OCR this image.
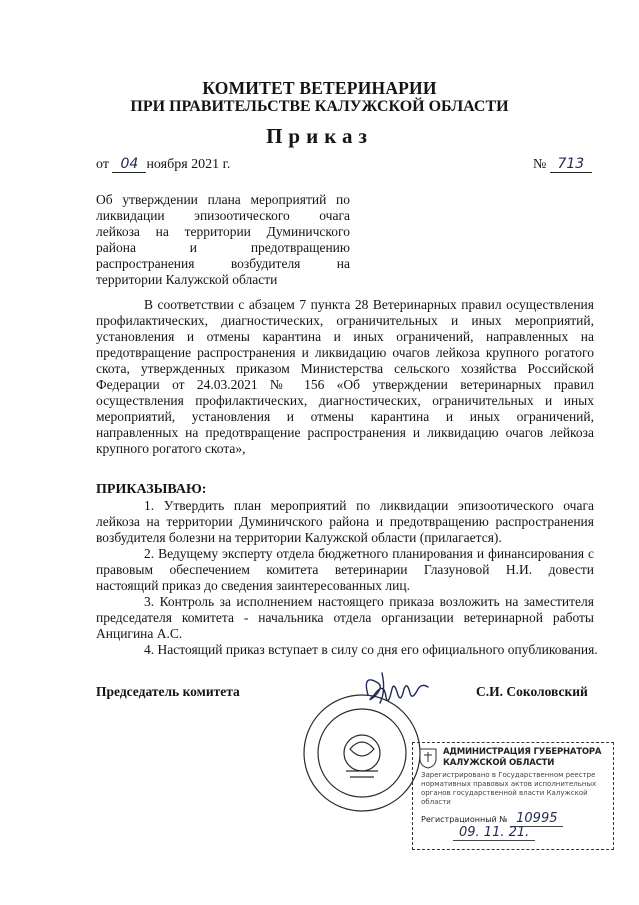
КОМИТЕТ ВЕТЕРИНАРИИ
ПРИ ПРАВИТЕЛЬСТВЕ КАЛУЖСКОЙ ОБЛАСТИ
Приказ
от 04 ноября 2021 г.	№ 713
Об утверждении плана мероприятий по
ликвидации эпизоотического очага
лейкоза на территории Думиничского
района и предотвращению
распространения возбудителя на
территории Калужской области
В соответствии с абзацем 7 пункта 28 Ветеринарных правил осуществления
профилактических, диагностических, ограничительных и иных мероприятий,
установления и отмены карантина и иных ограничений, направленных на
предотвращение распространения и ликвидацию очагов лейкоза крупного рогатого
скота, утвержденных приказом Министерства сельского хозяйства Российской
Федерации от 24.03.2021 № 156 «Об утверждении ветеринарных правил
осуществления профилактических, диагностических, ограничительных и иных
мероприятий, установления и отмены карантина и иных ограничений,
направленных на предотвращение распространения и ликвидацию очагов лейкоза
крупного рогатого скота»,
ПРИКАЗЫВАЮ:
1. Утвердить план мероприятий по ликвидации эпизоотического очага
лейкоза на территории Думиничского района и предотвращению распространения
возбудителя болезни на территории Калужской области (прилагается).
2. Ведущему эксперту отдела бюджетного планирования и финансирования с
правовым обеспечением комитета ветеринарии Глазуновой Н.И. довести
настоящий приказ до сведения заинтересованных лиц.
3. Контроль за исполнением настоящего приказа возложить на заместителя
председателя комитета - начальника отдела организации ветеринарной работы
Анцигина А.С.
4. Настоящий приказ вступает в силу со дня его официального опубликования.
Председатель комитета	С.И. Соколовский
АДМИНИСТРАЦИЯ ГУБЕРНАТОРА КАЛУЖСКОЙ ОБЛАСТИ
Зарегистрировано в Государственном реестре нормативных правовых актов исполнительных органов государственной власти Калужской области
Регистрационный № 10995
09. 11. 21.
